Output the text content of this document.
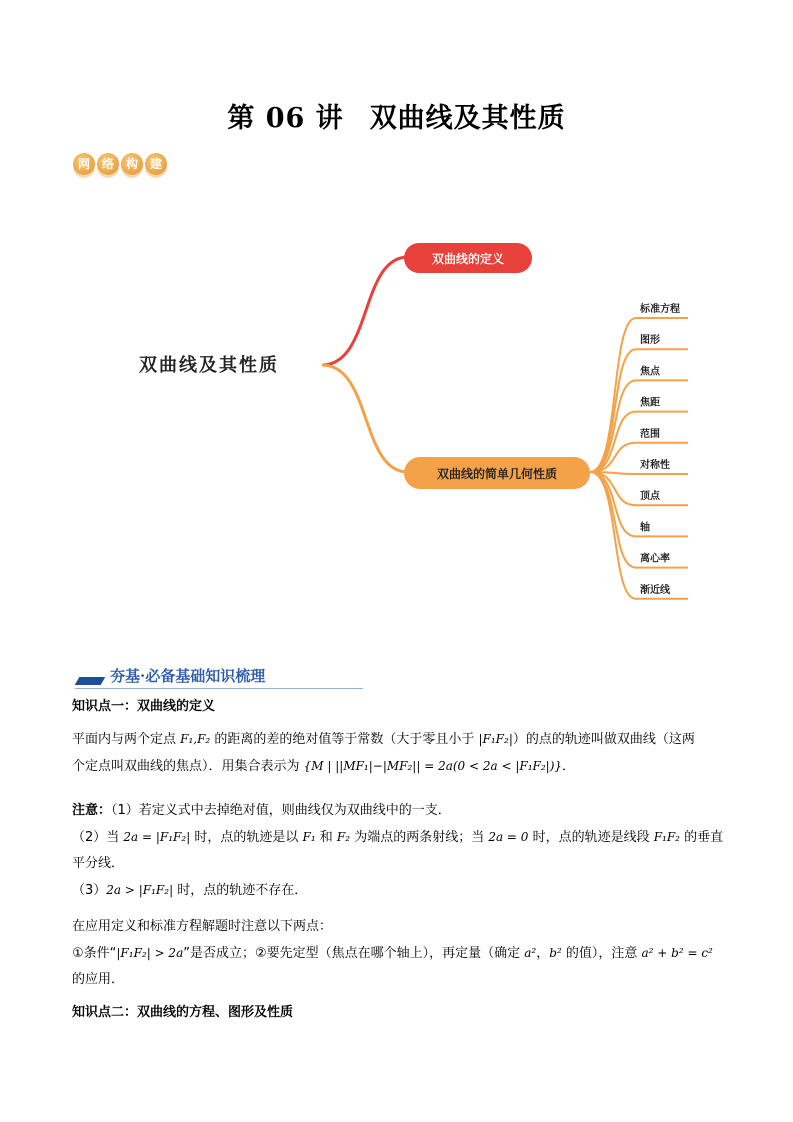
第 06 讲 双曲线及其性质
网 络 构 建
双曲线及其性质
双曲线的定义
双曲线的简单几何性质
标准方程
图形
焦点
焦距
范围
对称性
顶点
轴
离心率
渐近线
夯基·必备基础知识梳理
知识点一：双曲线的定义
平面内与两个定点 F₁,F₂ 的距离的差的绝对值等于常数（大于零且小于 |F₁F₂|）的点的轨迹叫做双曲线（这两
个定点叫双曲线的焦点）．用集合表示为 {M | ||MF₁|−|MF₂|| = 2a(0 < 2a < |F₁F₂|)}．
注意：（1）若定义式中去掉绝对值，则曲线仅为双曲线中的一支．
（2）当 2a = |F₁F₂| 时，点的轨迹是以 F₁ 和 F₂ 为端点的两条射线；当 2a = 0 时，点的轨迹是线段 F₁F₂ 的垂直
平分线．
（3）2a > |F₁F₂| 时，点的轨迹不存在．
在应用定义和标准方程解题时注意以下两点：
①条件“|F₁F₂| > 2a”是否成立；②要先定型（焦点在哪个轴上），再定量（确定 a²，b² 的值），注意 a² + b² = c²
的应用．
知识点二：双曲线的方程、图形及性质
